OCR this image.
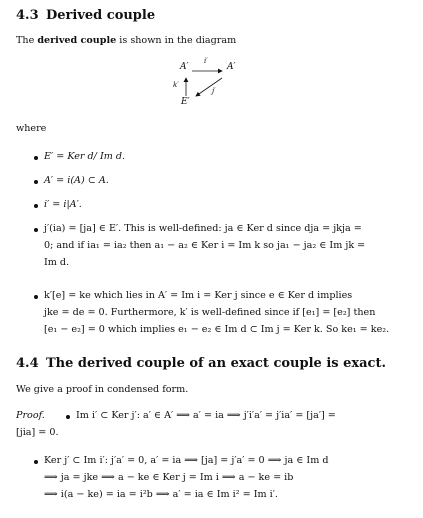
4.3 Derived couple
The derived couple is shown in the diagram
A′	A′
E′
i′
k′
j′
where
E′ = Ker d/ Im d.
A′ = i(A) ⊂ A.
i′ = i|A′.
j′(ia) = [ja] ∈ E′. This is well-defined: ja ∈ Ker d since dja = jkja =
0; and if ia₁ = ia₂ then a₁ − a₂ ∈ Ker i = Im k so ja₁ − ja₂ ∈ Im jk =
Im d.
k′[e] = ke which lies in A′ = Im i = Ker j since e ∈ Ker d implies
jke = de = 0. Furthermore, k′ is well-defined since if [e₁] = [e₂] then
[e₁ − e₂] = 0 which implies e₁ − e₂ ∈ Im d ⊂ Im j = Ker k. So ke₁ = ke₂.
4.4 The derived couple of an exact couple is exact.
We give a proof in condensed form.
Proof.	Im i′ ⊂ Ker j′: a′ ∈ A′ ⟹ a′ = ia ⟹ j′i′a′ = j′ia′ = [ja′] =
[jia] = 0.
Ker j′ ⊂ Im i′: j′a′ = 0, a′ = ia ⟹ [ja] = j′a′ = 0 ⟹ ja ∈ Im d
⟹ ja = jke ⟹ a − ke ∈ Ker j = Im i ⟹ a − ke = ib
⟹ i(a − ke) = ia = i²b ⟹ a′ = ia ∈ Im i² = Im i′.
